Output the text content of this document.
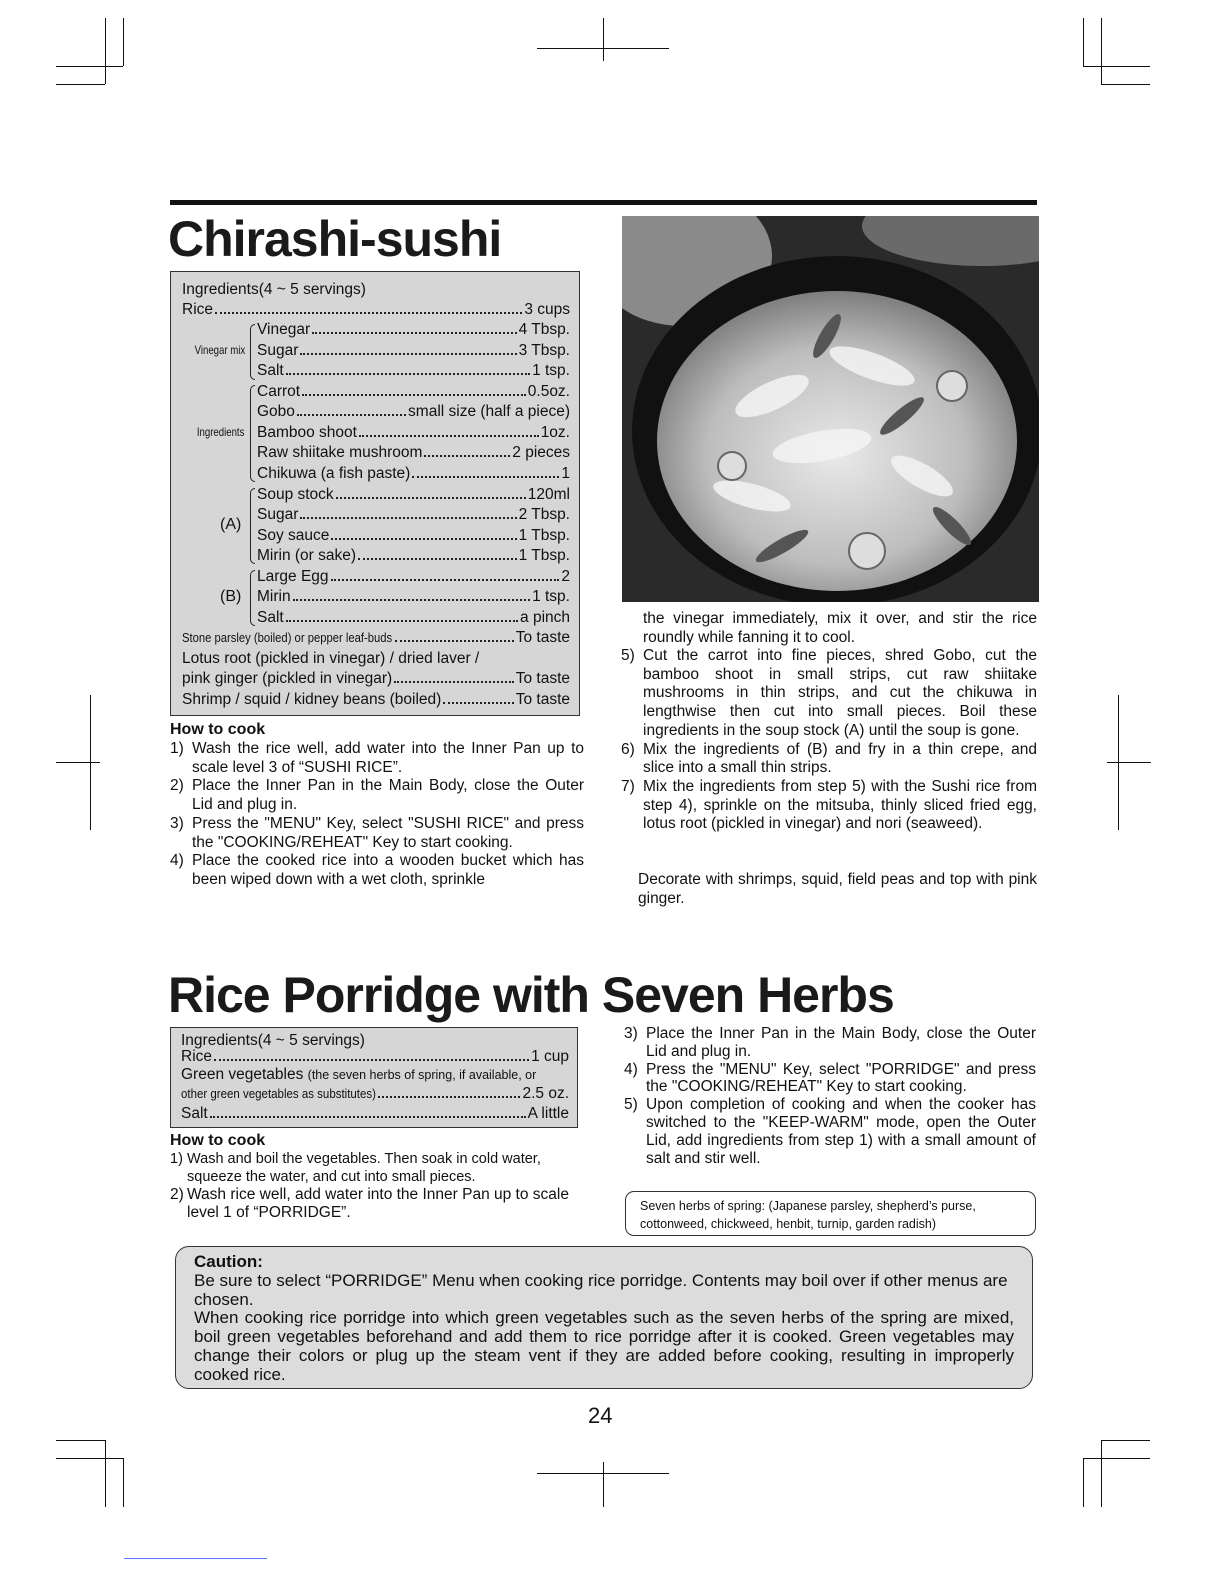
Chirashi-sushi
Ingredients(4 ~ 5 servings)
Rice	3 cups
Vinegar mix
Vinegar	4 Tbsp.
Sugar	3 Tbsp.
Salt	1 tsp.
Ingredients
Carrot	0.5oz.
Gobo	small size (half a piece)
Bamboo shoot	1oz.
Raw shiitake mushroom	2 pieces
Chikuwa (a fish paste)	1
(A)
Soup stock	120ml
Sugar	2 Tbsp.
Soy sauce	1 Tbsp.
Mirin (or sake)	1 Tbsp.
(B)
Large Egg	2
Mirin	1 tsp.
Salt	a pinch
Stone parsley (boiled) or pepper leaf-buds	To taste
Lotus root (pickled in vinegar) / dried laver /
pink ginger (pickled in vinegar)	To taste
Shrimp / squid / kidney beans (boiled)	To taste
How to cook
1) Wash the rice well, add water into the Inner Pan up to scale level 3 of “SUSHI RICE”.
2) Place the Inner Pan in the Main Body, close the Outer Lid and plug in.
3) Press the "MENU" Key, select "SUSHI RICE" and press the "COOKING/REHEAT" Key to start cooking.
4) Place the cooked rice into a wooden bucket which has been wiped down with a wet cloth, sprinkle
the vinegar immediately, mix it over, and stir the rice roundly while fanning it to cool.
5) Cut the carrot into fine pieces, shred Gobo, cut the bamboo shoot in small strips, cut raw shiitake mushrooms in thin strips, and cut the chikuwa in lengthwise then cut into small pieces. Boil these ingredients in the soup stock (A) until the soup is gone.
6) Mix the ingredients of (B) and fry in a thin crepe, and slice into a small thin strips.
7) Mix the ingredients from step 5) with the Sushi rice from step 4), sprinkle on the mitsuba, thinly sliced fried egg, lotus root (pickled in vinegar) and nori (seaweed).
Decorate with shrimps, squid, field peas and top with pink ginger.
Rice Porridge with Seven Herbs
Ingredients(4 ~ 5 servings)
Rice	1 cup
Green vegetables
(the seven herbs of spring, if available, or
other green vegetables as substitutes)	2.5 oz.
Salt	A little
How to cook
1) Wash and boil the vegetables. Then soak in cold water, squeeze the water, and cut into small pieces.
2) Wash rice well, add water into the Inner Pan up to scale level 1 of “PORRIDGE”.
3) Place the Inner Pan in the Main Body, close the Outer Lid and plug in.
4) Press the "MENU" Key, select "PORRIDGE" and press the "COOKING/REHEAT" Key to start cooking.
5) Upon completion of cooking and when the cooker has switched to the "KEEP-WARM" mode, open the Outer Lid, add ingredients from step 1) with a small amount of salt and stir well.
Seven herbs of spring: (Japanese parsley, shepherd’s purse, cottonweed, chickweed, henbit, turnip, garden radish)
Caution:
Be sure to select “PORRIDGE” Menu when cooking rice porridge. Contents may boil over if other menus are chosen.
When cooking rice porridge into which green vegetables such as the seven herbs of the spring are mixed, boil green vegetables beforehand and add them to rice porridge after it is cooked. Green vegetables may change their colors or plug up the steam vent if they are added before cooking, resulting in improperly cooked rice.
24
